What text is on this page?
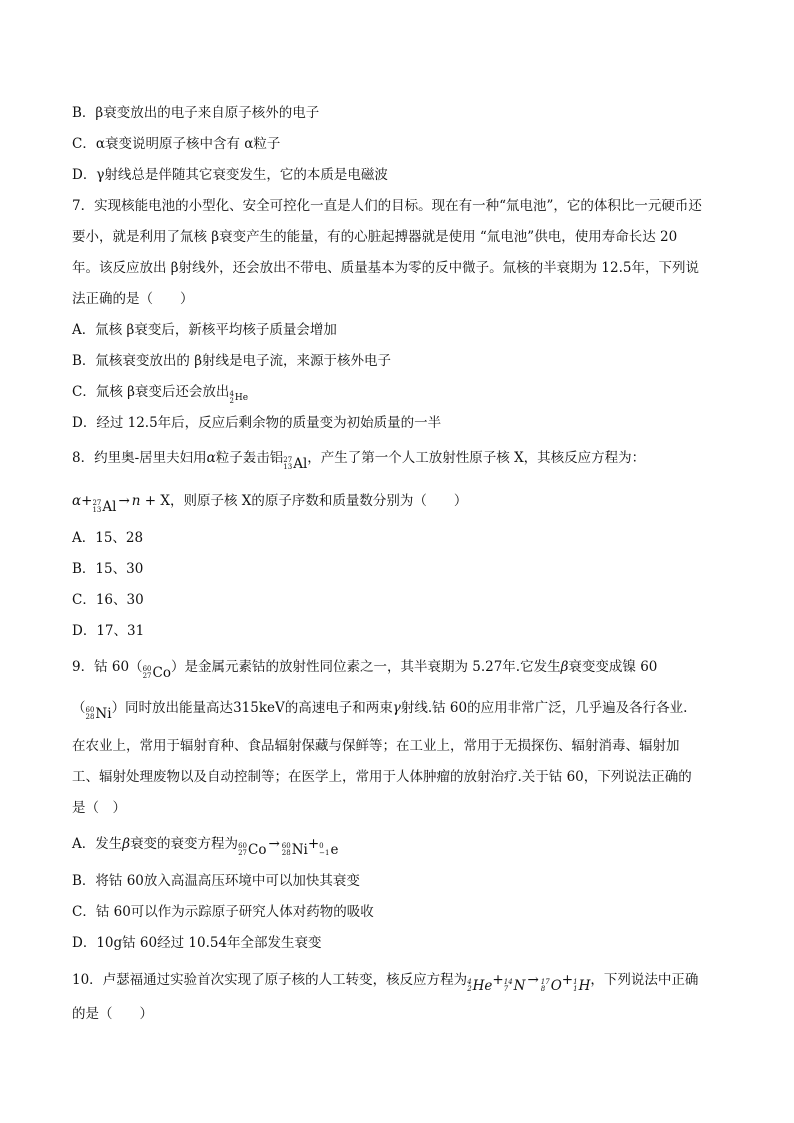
B．β衰变放出的电子来自原子核外的电子
C．α衰变说明原子核中含有 α粒子
D．γ射线总是伴随其它衰变发生，它的本质是电磁波
7．实现核能电池的小型化、安全可控化一直是人们的目标。现在有一种“氚电池”，它的体积比一元硬币还
要小，就是利用了氚核 β衰变产生的能量，有的心脏起搏器就是使用 “氚电池”供电，使用寿命长达 20
年。该反应放出 β射线外，还会放出不带电、质量基本为零的反中微子。氚核的半衰期为 12.5年，下列说
法正确的是（　　）
A．氚核 β衰变后，新核平均核子质量会增加
B．氚核衰变放出的 β射线是电子流，来源于核外电子
C．氚核 β衰变后还会放出 4
2 He
D．经过 12.5年后，反应后剩余物的质量变为初始质量的一半
8．约里奥-居里夫妇用α粒子轰击铝 27
13 Al ，产生了第一个人工放射性原子核 X，其核反应方程为：
α+ 27
13 Al → n + X，则原子核 X的原子序数和质量数分别为（　　）
A．15、28
B．15、30
C．16、30
D．17、31
9．钴 60（ 60
27 Co ）是金属元素钴的放射性同位素之一，其半衰期为 5.27年.它发生β衰变变成镍 60
（ 60
28 Ni ）同时放出能量高达315keV的高速电子和两束γ射线.钴 60的应用非常广泛，几乎遍及各行各业.
在农业上，常用于辐射育种、食品辐射保藏与保鲜等；在工业上，常用于无损探伤、辐射消毒、辐射加
工、辐射处理废物以及自动控制等；在医学上，常用于人体肿瘤的放射治疗.关于钴 60，下列说法正确的
是（　）
A．发生β衰变的衰变方程为 60
27 Co → 60
28 Ni + 0
−1 e
B．将钴 60放入高温高压环境中可以加快其衰变
C．钴 60可以作为示踪原子研究人体对药物的吸收
D．10g钴 60经过 10.54年全部发生衰变
10．卢瑟福通过实验首次实现了原子核的人工转变，核反应方程为 4
2 He + 14
7 N → 17
8 O + 1
1 H ，下列说法中正确
的是（　　）
